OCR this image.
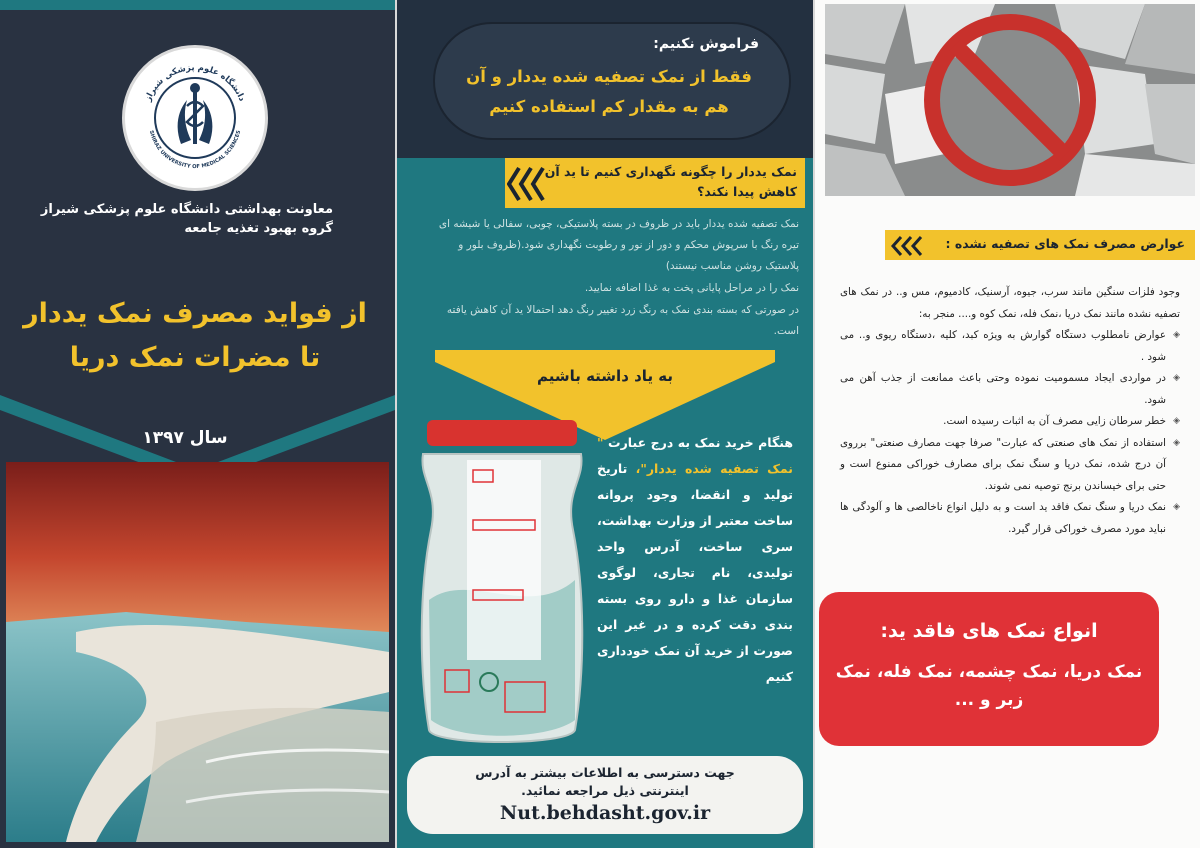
دانشگاه علوم پزشکی شیراز
SHIRAZ UNIVERSITY OF MEDICAL SCIENCES
معاونت بهداشتی دانشگاه علوم پزشکی شیراز
گروه بهبود تغذیه جامعه
از فواید مصرف نمک یددار
تا مضرات نمک دریا
سال ۱۳۹۷
فراموش نکنیم:
فقط از نمک تصفیه شده یددار و آن هم به مقدار کم استفاده کنیم
نمک یددار را چگونه نگهداری کنیم تا ید آن کاهش پیدا نکند؟

نمک تصفیه شده یددار باید در ظروف در بسته پلاستیکی، چوبی، سفالی یا شیشه ای تیره رنگ با سرپوش محکم و دور از نور و رطوبت نگهداری شود.(ظروف بلور و پلاستیک روشن مناسب نیستند)

نمک را در مراحل پایانی پخت به غذا اضافه نمایید.

در صورتی که بسته بندی نمک به رنگ زرد تغییر رنگ دهد احتمالا ید آن کاهش یافته است.

به یاد داشته باشیم
هنگام خرید نمک به درج عبارت " نمک تصفیه شده یددار"، تاریخ تولید و انقضا، وجود پروانه ساخت معتبر از وزارت بهداشت، سری ساخت، آدرس واحد تولیدی، نام تجاری، لوگوی سازمان غذا و دارو روی بسته بندی دقت کرده و در غیر این صورت از خرید آن نمک خودداری کنیم
جهت دسترسی به اطلاعات بیشتر به آدرس
اینترنتی ذیل مراجعه نمائید.
Nut.behdasht.gov.ir
عوارض مصرف نمک های تصفیه نشده :
وجود فلزات سنگین مانند سرب، جیوه، آرسنیک، کادمیوم، مس و.. در نمک های تصفیه نشده مانند نمک دریا ،نمک فله، نمک کوه و.... منجر به:
◈ عوارض نامطلوب دستگاه گوارش به ویژه کبد، کلیه ،دستگاه ریوی و.. می شود .
◈ در مواردی ایجاد مسمومیت نموده وحتی باعث ممانعت از جذب آهن می شود.
◈ خطر سرطان زایی مصرف آن به اثبات رسیده است.
◈ استفاده از نمک های صنعتی که عبارت" صرفا جهت مصارف صنعتی" برروی آن درج شده، نمک دریا و سنگ نمک برای مصارف خوراکی ممنوع است و حتی برای خیساندن برنج توصیه نمی شوند.
◈ نمک دریا و سنگ نمک فاقد ید است و به دلیل انواع ناخالصی ها و آلودگی ها نباید مورد مصرف خوراکی قرار گیرد.
انواع نمک های فاقد ید:
نمک دریا، نمک چشمه، نمک فله، نمک زبر و ...
